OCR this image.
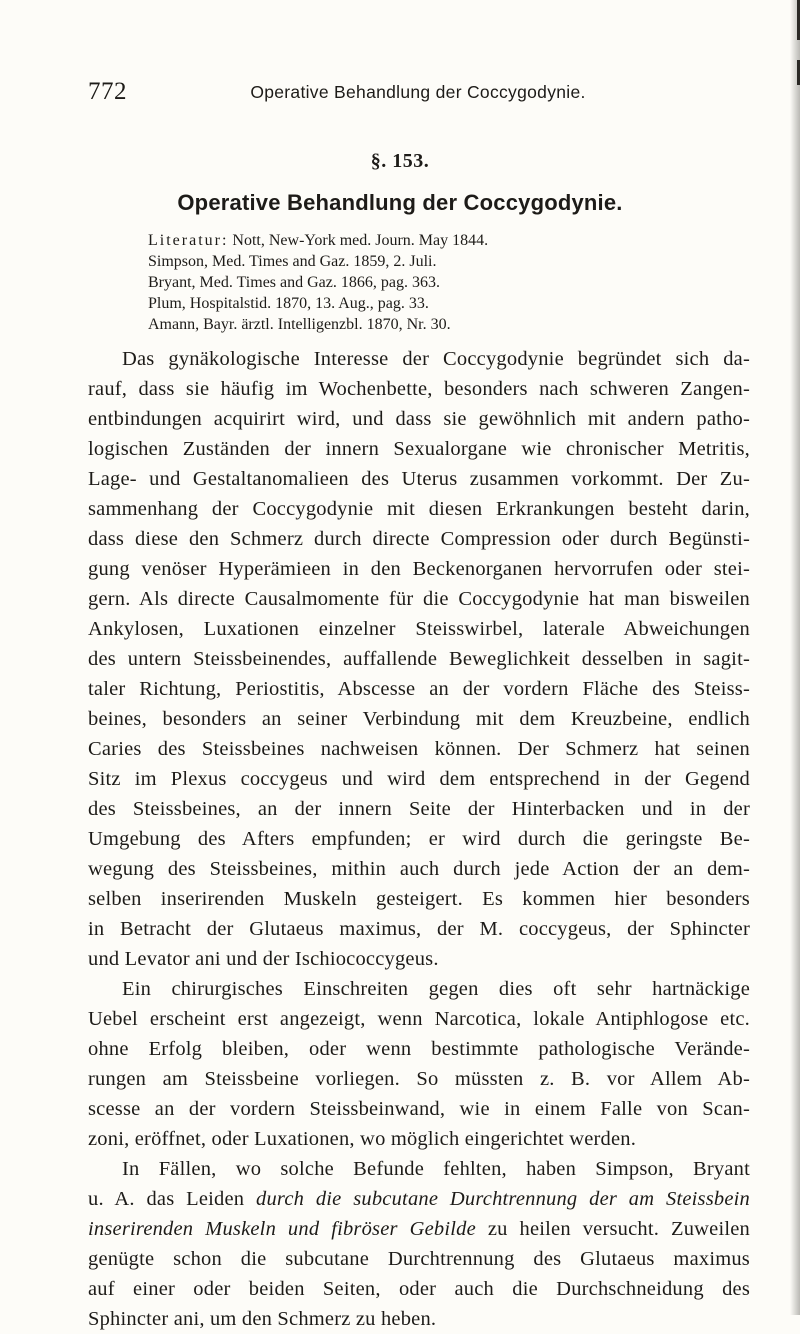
772	Operative Behandlung der Coccygodynie.
§. 153.
Operative Behandlung der Coccygodynie.
Literatur: Nott, New-York med. Journ. May 1844.
Simpson, Med. Times and Gaz. 1859, 2. Juli.
Bryant, Med. Times and Gaz. 1866, pag. 363.
Plum, Hospitalstid. 1870, 13. Aug., pag. 33.
Amann, Bayr. ärztl. Intelligenzbl. 1870, Nr. 30.
Das gynäkologische Interesse der Coccygodynie begründet sich da-
rauf, dass sie häufig im Wochenbette, besonders nach schweren Zangen-
entbindungen acquirirt wird, und dass sie gewöhnlich mit andern patho-
logischen Zuständen der innern Sexualorgane wie chronischer Metritis,
Lage- und Gestaltanomalieen des Uterus zusammen vorkommt. Der Zu-
sammenhang der Coccygodynie mit diesen Erkrankungen besteht darin,
dass diese den Schmerz durch directe Compression oder durch Begünsti-
gung venöser Hyperämieen in den Beckenorganen hervorrufen oder stei-
gern. Als directe Causalmomente für die Coccygodynie hat man bisweilen
Ankylosen, Luxationen einzelner Steisswirbel, laterale Abweichungen
des untern Steissbeinendes, auffallende Beweglichkeit desselben in sagit-
taler Richtung, Periostitis, Abscesse an der vordern Fläche des Steiss-
beines, besonders an seiner Verbindung mit dem Kreuzbeine, endlich
Caries des Steissbeines nachweisen können. Der Schmerz hat seinen
Sitz im Plexus coccygeus und wird dem entsprechend in der Gegend
des Steissbeines, an der innern Seite der Hinterbacken und in der
Umgebung des Afters empfunden; er wird durch die geringste Be-
wegung des Steissbeines, mithin auch durch jede Action der an dem-
selben inserirenden Muskeln gesteigert. Es kommen hier besonders
in Betracht der Glutaeus maximus, der M. coccygeus, der Sphincter
und Levator ani und der Ischiococcygeus.
Ein chirurgisches Einschreiten gegen dies oft sehr hartnäckige
Uebel erscheint erst angezeigt, wenn Narcotica, lokale Antiphlogose etc.
ohne Erfolg bleiben, oder wenn bestimmte pathologische Verände-
rungen am Steissbeine vorliegen. So müssten z. B. vor Allem Ab-
scesse an der vordern Steissbeinwand, wie in einem Falle von Scan-
zoni, eröffnet, oder Luxationen, wo möglich eingerichtet werden.
In Fällen, wo solche Befunde fehlten, haben Simpson, Bryant
u. A. das Leiden durch die subcutane Durchtrennung der am Steissbein
inserirenden Muskeln und fibröser Gebilde zu heilen versucht. Zuweilen
genügte schon die subcutane Durchtrennung des Glutaeus maximus
auf einer oder beiden Seiten, oder auch die Durchschneidung des
Sphincter ani, um den Schmerz zu heben.
